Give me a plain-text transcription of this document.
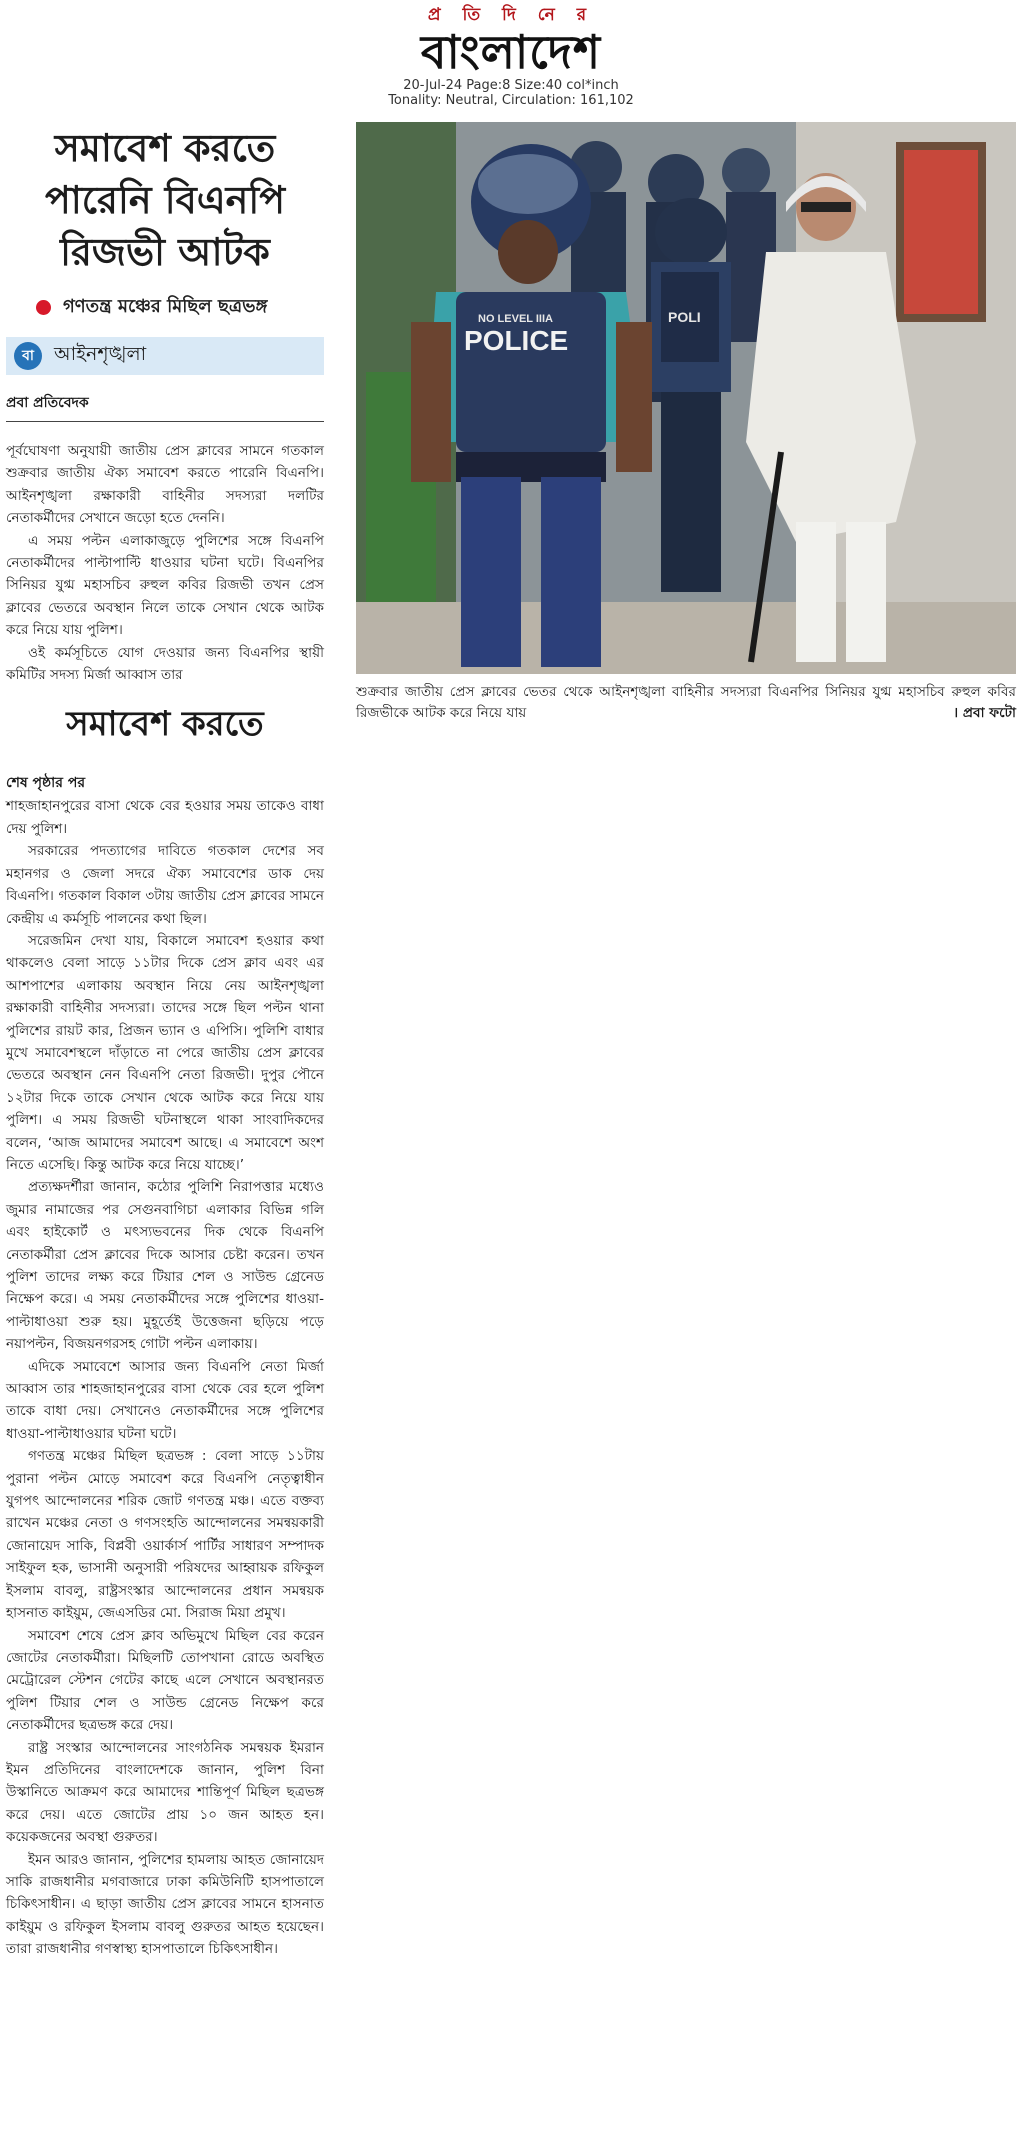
প্র তি দি নে র
বাংলাদেশ
20-Jul-24 Page:8 Size:40 col*inch
Tonality: Neutral, Circulation: 161,102
সমাবেশ করতে
পারেনি বিএনপি
রিজভী আটক
গণতন্ত্র মঞ্চের মিছিল ছত্রভঙ্গ
বা	আইনশৃঙ্খলা
প্রবা প্রতিবেদক

পূর্বঘোষণা অনুযায়ী জাতীয় প্রেস ক্লাবের সামনে গতকাল শুক্রবার জাতীয় ঐক্য সমাবেশ করতে পারেনি বিএনপি। আইনশৃঙ্খলা রক্ষাকারী বাহিনীর সদস্যরা দলটির নেতাকর্মীদের সেখানে জড়ো হতে দেননি।

এ সময় পল্টন এলাকাজুড়ে পুলিশের সঙ্গে বিএনপি নেতাকর্মীদের পাল্টাপাল্টি ধাওয়ার ঘটনা ঘটে। বিএনপির সিনিয়র যুগ্ম মহাসচিব রুহুল কবির রিজভী তখন প্রেস ক্লাবের ভেতরে অবস্থান নিলে তাকে সেখান থেকে আটক করে নিয়ে যায় পুলিশ।

ওই কর্মসূচিতে যোগ দেওয়ার জন্য বিএনপির স্থায়ী কমিটির সদস্য মির্জা আব্বাস তার

সমাবেশ করতে
শেষ পৃষ্ঠার পর

শাহজাহানপুরের বাসা থেকে বের হওয়ার সময় তাকেও বাধা দেয় পুলিশ।

সরকারের পদত্যাগের দাবিতে গতকাল দেশের সব মহানগর ও জেলা সদরে ঐক্য সমাবেশের ডাক দেয় বিএনপি। গতকাল বিকাল ৩টায় জাতীয় প্রেস ক্লাবের সামনে কেন্দ্রীয় এ কর্মসূচি পালনের কথা ছিল।

সরেজমিন দেখা যায়, বিকালে সমাবেশ হওয়ার কথা থাকলেও বেলা সাড়ে ১১টার দিকে প্রেস ক্লাব এবং এর আশপাশের এলাকায় অবস্থান নিয়ে নেয় আইনশৃঙ্খলা রক্ষাকারী বাহিনীর সদস্যরা। তাদের সঙ্গে ছিল পল্টন থানা পুলিশের রায়ট কার, প্রিজন ভ্যান ও এপিসি। পুলিশি বাধার মুখে সমাবেশস্থলে দাঁড়াতে না পেরে জাতীয় প্রেস ক্লাবের ভেতরে অবস্থান নেন বিএনপি নেতা রিজভী। দুপুর পৌনে ১২টার দিকে তাকে সেখান থেকে আটক করে নিয়ে যায় পুলিশ। এ সময় রিজভী ঘটনাস্থলে থাকা সাংবাদিকদের বলেন, ‘আজ আমাদের সমাবেশ আছে। এ সমাবেশে অংশ নিতে এসেছি। কিন্তু আটক করে নিয়ে যাচ্ছে।’

প্রত্যক্ষদর্শীরা জানান, কঠোর পুলিশি নিরাপত্তার মধ্যেও জুমার নামাজের পর সেগুনবাগিচা এলাকার বিভিন্ন গলি এবং হাইকোর্ট ও মৎস্যভবনের দিক থেকে বিএনপি নেতাকর্মীরা প্রেস ক্লাবের দিকে আসার চেষ্টা করেন। তখন পুলিশ তাদের লক্ষ্য করে টিয়ার শেল ও সাউন্ড গ্রেনেড নিক্ষেপ করে। এ সময় নেতাকর্মীদের সঙ্গে পুলিশের ধাওয়া-পাল্টাধাওয়া শুরু হয়। মুহূর্তেই উত্তেজনা ছড়িয়ে পড়ে নয়াপল্টন, বিজয়নগরসহ গোটা পল্টন এলাকায়।

এদিকে সমাবেশে আসার জন্য বিএনপি নেতা মির্জা আব্বাস তার শাহজাহানপুরের বাসা থেকে বের হলে পুলিশ তাকে বাধা দেয়। সেখানেও নেতাকর্মীদের সঙ্গে পুলিশের ধাওয়া-পাল্টাধাওয়ার ঘটনা ঘটে।

গণতন্ত্র মঞ্চের মিছিল ছত্রভঙ্গ : বেলা সাড়ে ১১টায় পুরানা পল্টন মোড়ে সমাবেশ করে বিএনপি নেতৃত্বাধীন যুগপৎ আন্দোলনের শরিক জোট গণতন্ত্র মঞ্চ। এতে বক্তব্য রাখেন মঞ্চের নেতা ও গণসংহতি আন্দোলনের সমন্বয়কারী জোনায়েদ সাকি, বিপ্লবী ওয়ার্কার্স পার্টির সাধারণ সম্পাদক সাইফুল হক, ভাসানী অনুসারী পরিষদের আহ্বায়ক রফিকুল ইসলাম বাবলু, রাষ্ট্রসংস্কার আন্দোলনের প্রধান সমন্বয়ক হাসনাত কাইয়ুম, জেএসডির মো. সিরাজ মিয়া প্রমুখ।

সমাবেশ শেষে প্রেস ক্লাব অভিমুখে মিছিল বের করেন জোটের নেতাকর্মীরা। মিছিলটি তোপখানা রোডে অবস্থিত মেট্রোরেল স্টেশন গেটের কাছে এলে সেখানে অবস্থানরত পুলিশ টিয়ার শেল ও সাউন্ড গ্রেনেড নিক্ষেপ করে নেতাকর্মীদের ছত্রভঙ্গ করে দেয়।

রাষ্ট্র সংস্কার আন্দোলনের সাংগঠনিক সমন্বয়ক ইমরান ইমন প্রতিদিনের বাংলাদেশকে জানান, পুলিশ বিনা উস্কানিতে আক্রমণ করে আমাদের শান্তিপূর্ণ মিছিল ছত্রভঙ্গ করে দেয়। এতে জোটের প্রায় ১০ জন আহত হন। কয়েকজনের অবস্থা গুরুতর।

ইমন আরও জানান, পুলিশের হামলায় আহত জোনায়েদ সাকি রাজধানীর মগবাজারে ঢাকা কমিউনিটি হাসপাতালে চিকিৎসাধীন। এ ছাড়া জাতীয় প্রেস ক্লাবের সামনে হাসনাত কাইয়ুম ও রফিকুল ইসলাম বাবলু গুরুতর আহত হয়েছেন। তারা রাজধানীর গণস্বাস্থ্য হাসপাতালে চিকিৎসাধীন।

POLI
NO LEVEL IIIA
POLICE
শুক্রবার জাতীয় প্রেস ক্লাবের ভেতর থেকে আইনশৃঙ্খলা বাহিনীর সদস্যরা বিএনপির সিনিয়র যুগ্ম মহাসচিব রুহুল কবির রিজভীকে আটক করে নিয়ে যায়	। প্রবা ফটো
